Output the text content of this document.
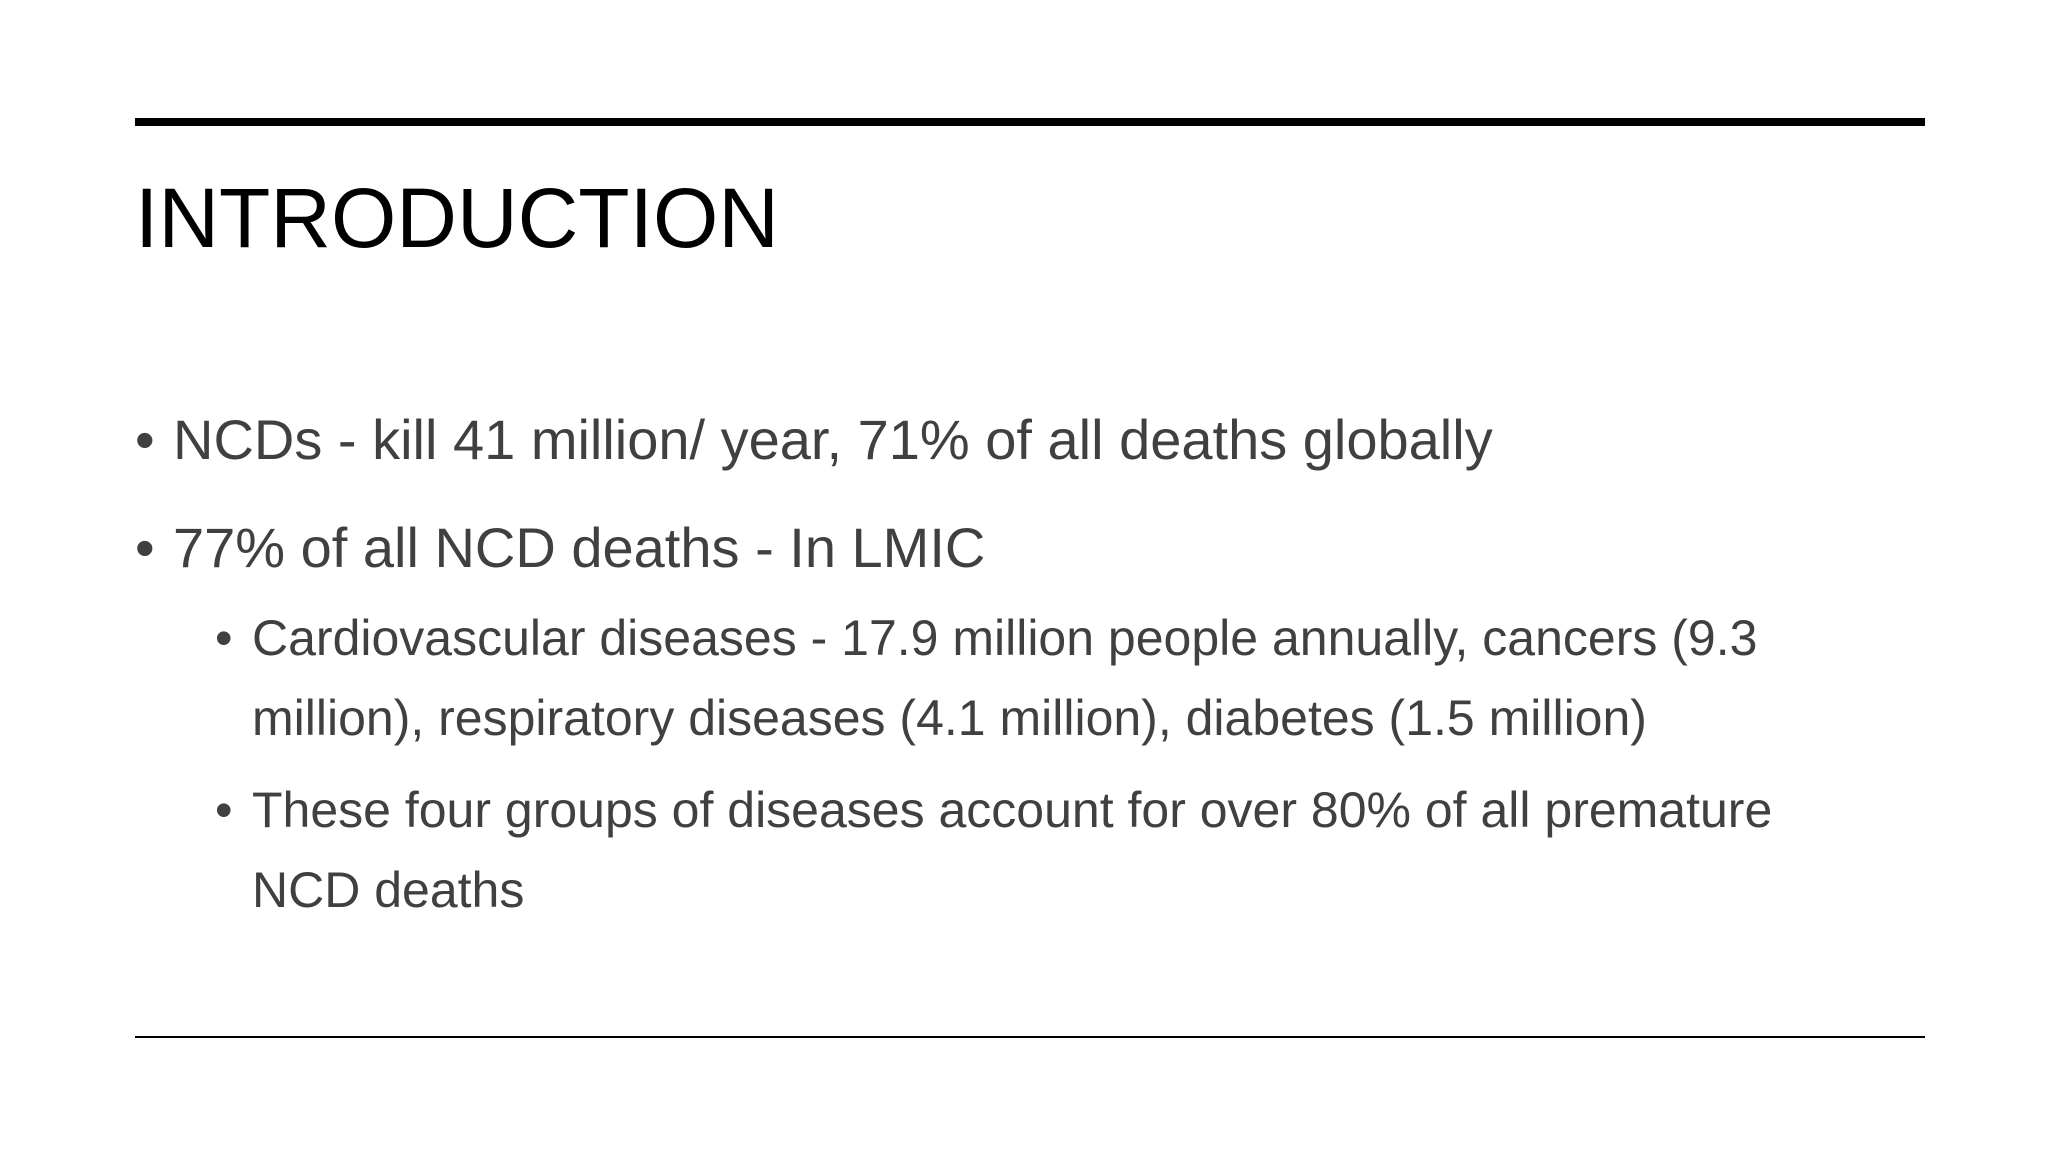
INTRODUCTION
• NCDs - kill 41 million/ year, 71% of all deaths globally
• 77% of all NCD deaths - In LMIC
• Cardiovascular diseases - 17.9 million people annually, cancers (9.3 million), respiratory diseases (4.1 million), diabetes (1.5 million)
• These four groups of diseases account for over 80% of all premature NCD deaths
